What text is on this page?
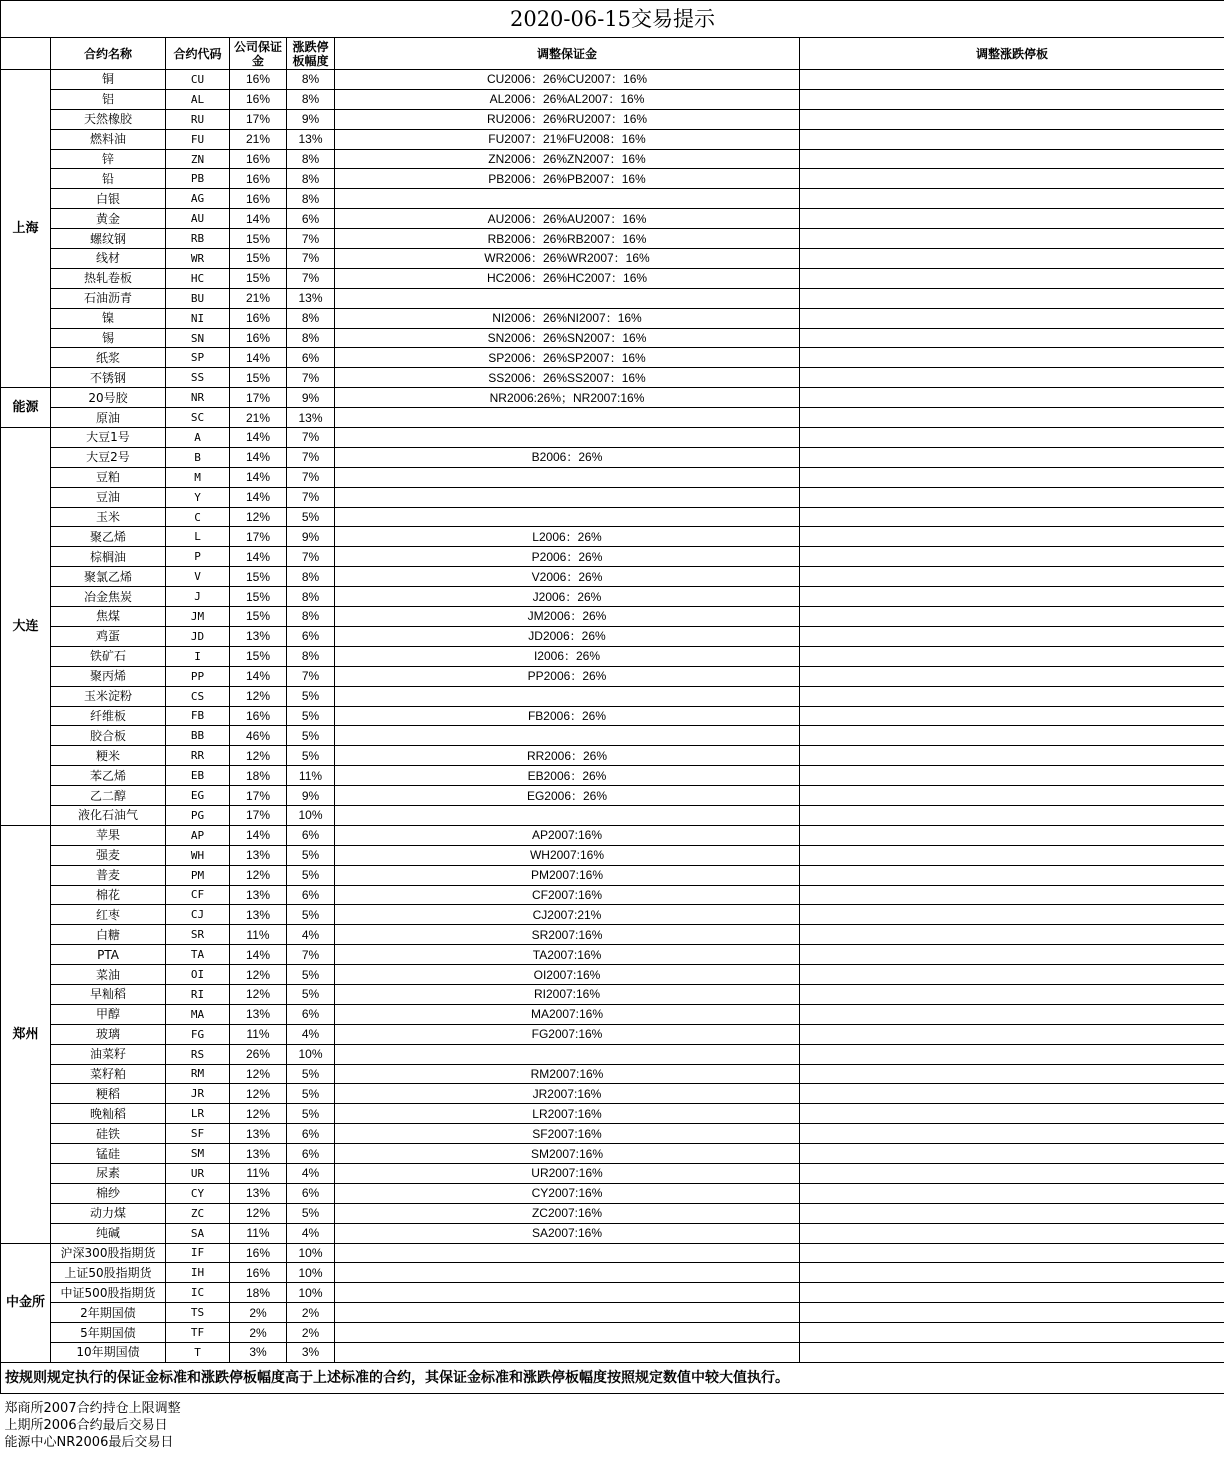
2020-06-15交易提示						
	合约名称	合约代码	公司保证金	涨跌停板幅度	调整保证金	调整涨跌停板
上海	铜	CU	16%	8%	CU2006：26%CU2007：16%	
	铝	AL	16%	8%	AL2006：26%AL2007：16%	
	天然橡胶	RU	17%	9%	RU2006：26%RU2007：16%	
	燃料油	FU	21%	13%	FU2007：21%FU2008：16%	
	锌	ZN	16%	8%	ZN2006：26%ZN2007：16%	
	铅	PB	16%	8%	PB2006：26%PB2007：16%	
	白银	AG	16%	8%		
	黄金	AU	14%	6%	AU2006：26%AU2007：16%	
	螺纹钢	RB	15%	7%	RB2006：26%RB2007：16%	
	线材	WR	15%	7%	WR2006：26%WR2007：16%	
	热轧卷板	HC	15%	7%	HC2006：26%HC2007：16%	
	石油沥青	BU	21%	13%		
	镍	NI	16%	8%	NI2006：26%NI2007：16%	
	锡	SN	16%	8%	SN2006：26%SN2007：16%	
	纸浆	SP	14%	6%	SP2006：26%SP2007：16%	
	不锈钢	SS	15%	7%	SS2006：26%SS2007：16%	
能源	20号胶	NR	17%	9%	NR2006:26%；NR2007:16%	
	原油	SC	21%	13%		
大连	大豆1号	A	14%	7%		
	大豆2号	B	14%	7%	B2006：26%	
	豆粕	M	14%	7%		
	豆油	Y	14%	7%		
	玉米	C	12%	5%		
	聚乙烯	L	17%	9%	L2006：26%	
	棕榈油	P	14%	7%	P2006：26%	
	聚氯乙烯	V	15%	8%	V2006：26%	
	冶金焦炭	J	15%	8%	J2006：26%	
	焦煤	JM	15%	8%	JM2006：26%	
	鸡蛋	JD	13%	6%	JD2006：26%	
	铁矿石	I	15%	8%	I2006：26%	
	聚丙烯	PP	14%	7%	PP2006：26%	
	玉米淀粉	CS	12%	5%		
	纤维板	FB	16%	5%	FB2006：26%	
	胶合板	BB	46%	5%		
	粳米	RR	12%	5%	RR2006：26%	
	苯乙烯	EB	18%	11%	EB2006：26%	
	乙二醇	EG	17%	9%	EG2006：26%	
	液化石油气	PG	17%	10%		
郑州	苹果	AP	14%	6%	AP2007:16%	
	强麦	WH	13%	5%	WH2007:16%	
	普麦	PM	12%	5%	PM2007:16%	
	棉花	CF	13%	6%	CF2007:16%	
	红枣	CJ	13%	5%	CJ2007:21%	
	白糖	SR	11%	4%	SR2007:16%	
	PTA	TA	14%	7%	TA2007:16%	
	菜油	OI	12%	5%	OI2007:16%	
	早籼稻	RI	12%	5%	RI2007:16%	
	甲醇	MA	13%	6%	MA2007:16%	
	玻璃	FG	11%	4%	FG2007:16%	
	油菜籽	RS	26%	10%		
	菜籽粕	RM	12%	5%	RM2007:16%	
	粳稻	JR	12%	5%	JR2007:16%	
	晚籼稻	LR	12%	5%	LR2007:16%	
	硅铁	SF	13%	6%	SF2007:16%	
	锰硅	SM	13%	6%	SM2007:16%	
	尿素	UR	11%	4%	UR2007:16%	
	棉纱	CY	13%	6%	CY2007:16%	
	动力煤	ZC	12%	5%	ZC2007:16%	
	纯碱	SA	11%	4%	SA2007:16%	
中金所	沪深300股指期货	IF	16%	10%		
	上证50股指期货	IH	16%	10%		
	中证500股指期货	IC	18%	10%		
	2年期国债	TS	2%	2%		
	5年期国债	TF	2%	2%		
	10年期国债	T	3%	3%		
按规则规定执行的保证金标准和涨跌停板幅度高于上述标准的合约，其保证金标准和涨跌停板幅度按照规定数值中较大值执行。						

郑商所2007合约持仓上限调整
上期所2006合约最后交易日
能源中心NR2006最后交易日						
